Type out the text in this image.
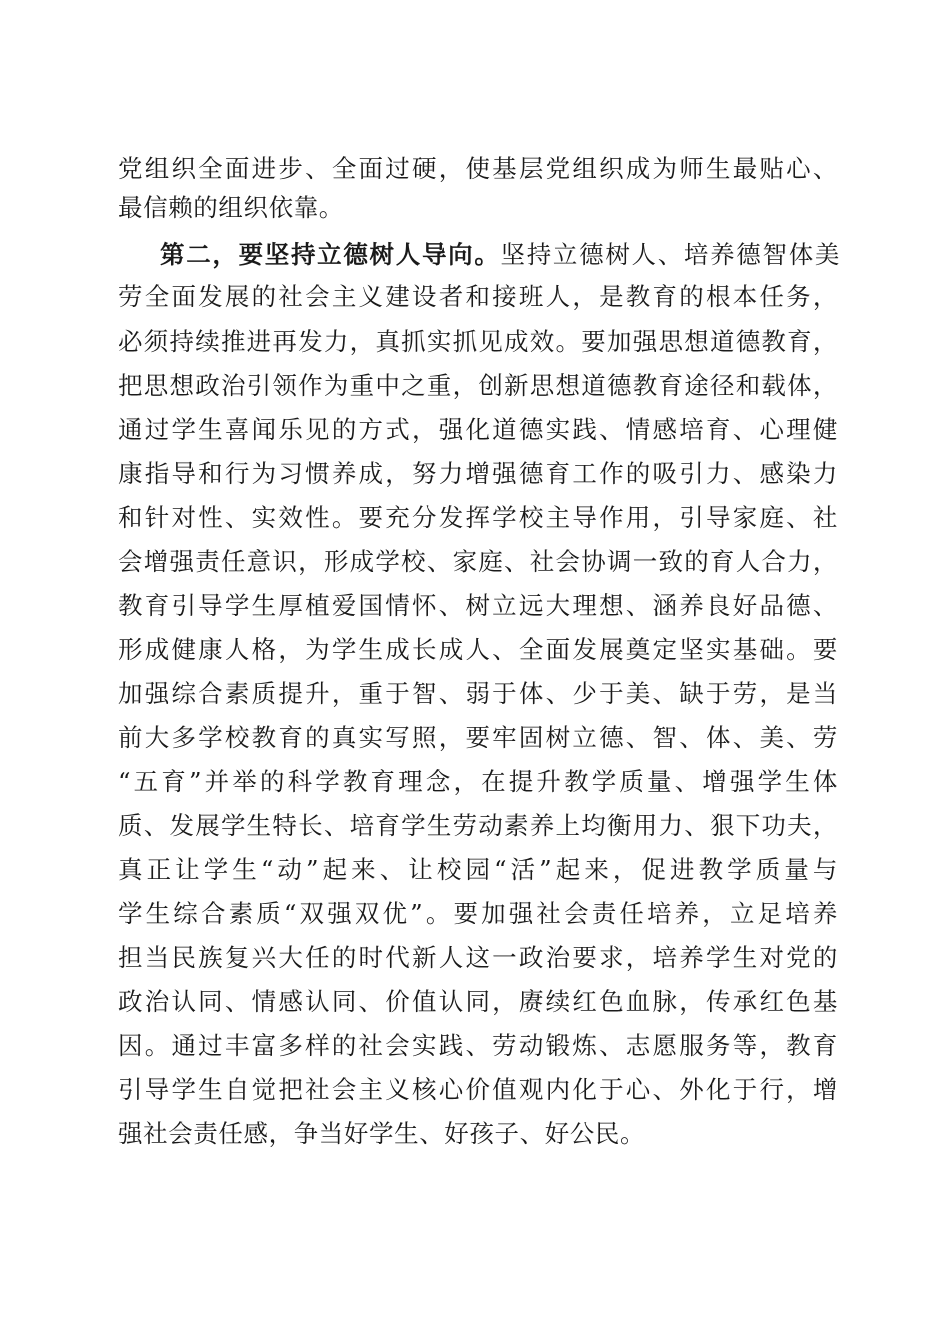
党组织全面进步、全面过硬，使基层党组织成为师生最贴心、
最信赖的组织依靠。
第二，要坚持立德树人导向。坚持立德树人、培养德智体美
劳全面发展的社会主义建设者和接班人，是教育的根本任务，
必须持续推进再发力，真抓实抓见成效。要加强思想道德教育，
把思想政治引领作为重中之重，创新思想道德教育途径和载体，
通过学生喜闻乐见的方式，强化道德实践、情感培育、心理健
康指导和行为习惯养成，努力增强德育工作的吸引力、感染力
和针对性、实效性。要充分发挥学校主导作用，引导家庭、社
会增强责任意识，形成学校、家庭、社会协调一致的育人合力，
教育引导学生厚植爱国情怀、树立远大理想、涵养良好品德、
形成健康人格，为学生成长成人、全面发展奠定坚实基础。要
加强综合素质提升，重于智、弱于体、少于美、缺于劳，是当
前大多学校教育的真实写照，要牢固树立德、智、体、美、劳
“五育”并举的科学教育理念，在提升教学质量、增强学生体
质、发展学生特长、培育学生劳动素养上均衡用力、狠下功夫，
真正让学生“动”起来、让校园“活”起来，促进教学质量与
学生综合素质“双强双优”。要加强社会责任培养，立足培养
担当民族复兴大任的时代新人这一政治要求，培养学生对党的
政治认同、情感认同、价值认同，赓续红色血脉，传承红色基
因。通过丰富多样的社会实践、劳动锻炼、志愿服务等，教育
引导学生自觉把社会主义核心价值观内化于心、外化于行，增
强社会责任感，争当好学生、好孩子、好公民。
